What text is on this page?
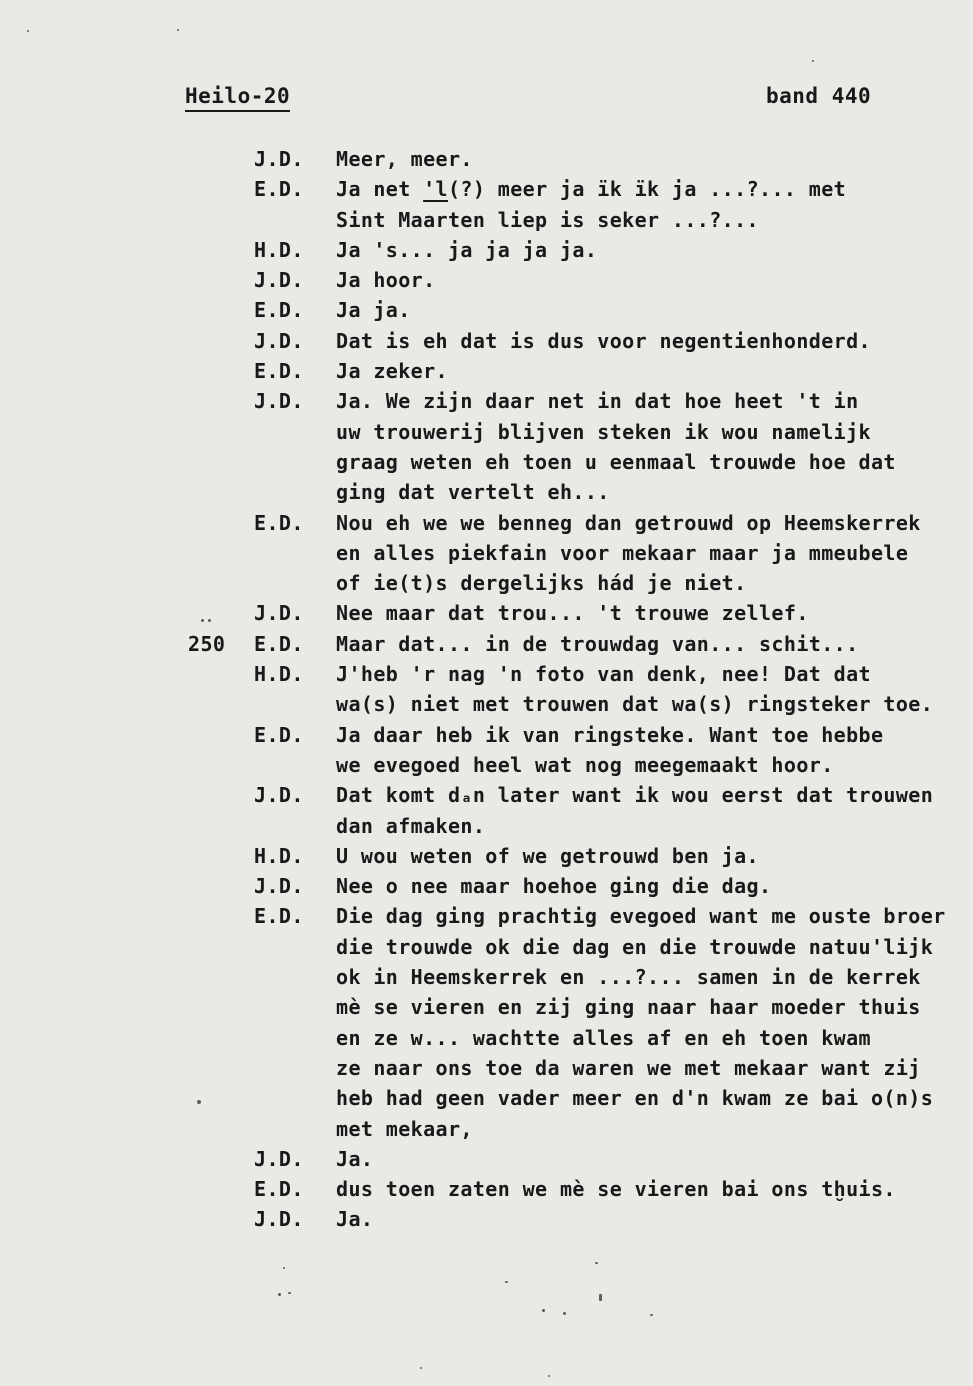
Heilo-20	band 440
J.D. Meer, meer.
E.D. Ja net 'l(?) meer ja ïk ïk ja ...?... met
Sint Maarten liep is seker ...?...
H.D. Ja 's... ja ja ja ja.
J.D. Ja hoor.
E.D. Ja ja.
J.D. Dat is eh dat is dus voor negentienhonderd.
E.D. Ja zeker.
J.D. Ja. We zijn daar net in dat hoe heet 't in
uw trouwerij blijven steken ik wou namelijk
graag weten eh toen u eenmaal trouwde hoe dat
ging dat vertelt eh...
E.D. Nou eh we we benneg dan getrouwd op Heemskerrek
en alles piekfain voor mekaar maar ja mmeubele
of ie(t)s dergelijks hád je niet.
J.D. Nee maar dat trou... 't trouwe zellef.
250 E.D. Maar dat... in de trouwdag van... schit...
H.D. J'heb 'r nag 'n foto van denk, nee! Dat dat
wa(s) niet met trouwen dat wa(s) ringsteker toe.
E.D. Ja daar heb ik van ringsteke. Want toe hebbe
we evegoed heel wat nog meegemaakt hoor.
J.D. Dat komt dₐn later want ik wou eerst dat trouwen
dan afmaken.
H.D. U wou weten of we getrouwd ben ja.
J.D. Nee o nee maar hoehoe ging die dag.
E.D. Die dag ging prachtig evegoed want me ouste broer
die trouwde ok die dag en die trouwde natuu'lijk
ok in Heemskerrek en ...?... samen in de kerrek
mè se vieren en zij ging naar haar moeder thuis
en ze w... wachtte alles af en eh toen kwam
ze naar ons toe da waren we met mekaar want zij
heb had geen vader meer en d'n kwam ze bai o(n)s
met mekaar,
J.D. Ja.
E.D. dus toen zaten we mè se vieren bai ons tḫuis.
J.D. Ja.
